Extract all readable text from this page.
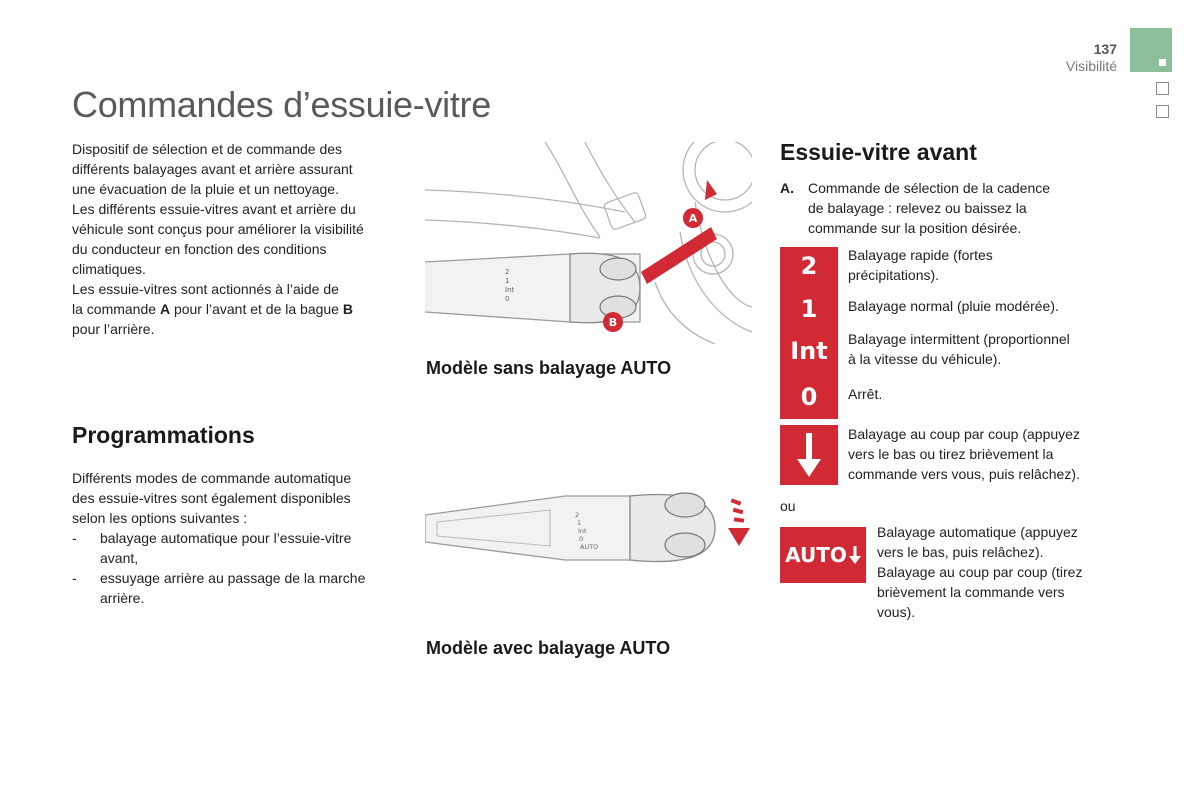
137
Visibilité
Commandes d’essuie-vitre
Dispositif de sélection et de commande des
différents balayages avant et arrière assurant
une évacuation de la pluie et un nettoyage.
Les différents essuie-vitres avant et arrière du
véhicule sont conçus pour améliorer la visibilité
du conducteur en fonction des conditions
climatiques.
Les essuie-vitres sont actionnés à l’aide de
la commande A pour l’avant et de la bague B
pour l’arrière.
Programmations
Différents modes de commande automatique
des essuie-vitres sont également disponibles
selon les options suivantes :
- balayage automatique pour l’essuie-vitre
avant,
- essuyage arrière au passage de la marche
arrière.
2
1
Int
0
A
B
Modèle sans balayage AUTO
2
1
Int
0
AUTO
Modèle avec balayage AUTO
Essuie-vitre avant
A. Commande de sélection de la cadence
de balayage : relevez ou baissez la
commande sur la position désirée.
2
1
Int
0
Balayage rapide (fortes
précipitations).
Balayage normal (pluie modérée).
Balayage intermittent (proportionnel
à la vitesse du véhicule).
Arrêt.
Balayage au coup par coup (appuyez
vers le bas ou tirez brièvement la
commande vers vous, puis relâchez).
ou
AUTO
Balayage automatique (appuyez
vers le bas, puis relâchez).
Balayage au coup par coup (tirez
brièvement la commande vers
vous).
